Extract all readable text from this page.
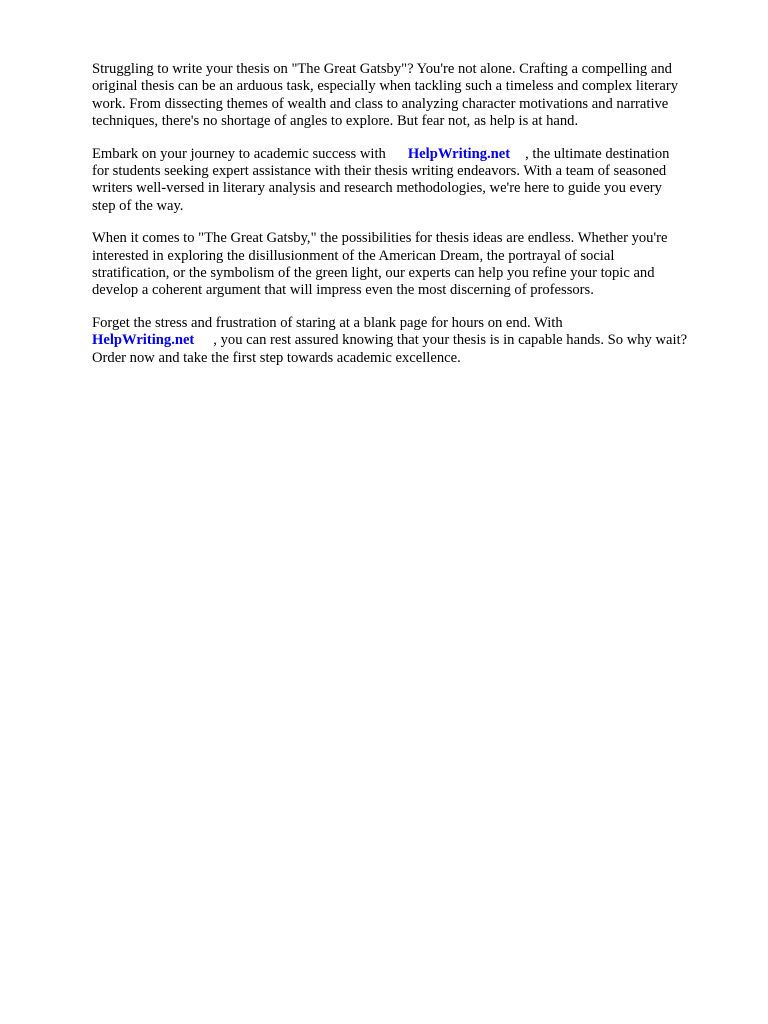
Struggling to write your thesis on "The Great Gatsby"? You're not alone. Crafting a compelling and
original thesis can be an arduous task, especially when tackling such a timeless and complex literary
work. From dissecting themes of wealth and class to analyzing character motivations and narrative
techniques, there's no shortage of angles to explore. But fear not, as help is at hand.

Embark on your journey to academic success with HelpWriting.net , the ultimate destination
for students seeking expert assistance with their thesis writing endeavors. With a team of seasoned
writers well-versed in literary analysis and research methodologies, we're here to guide you every
step of the way.

When it comes to "The Great Gatsby," the possibilities for thesis ideas are endless. Whether you're
interested in exploring the disillusionment of the American Dream, the portrayal of social
stratification, or the symbolism of the green light, our experts can help you refine your topic and
develop a coherent argument that will impress even the most discerning of professors.

Forget the stress and frustration of staring at a blank page for hours on end. With
HelpWriting.net , you can rest assured knowing that your thesis is in capable hands. So why wait?
Order now and take the first step towards academic excellence.
